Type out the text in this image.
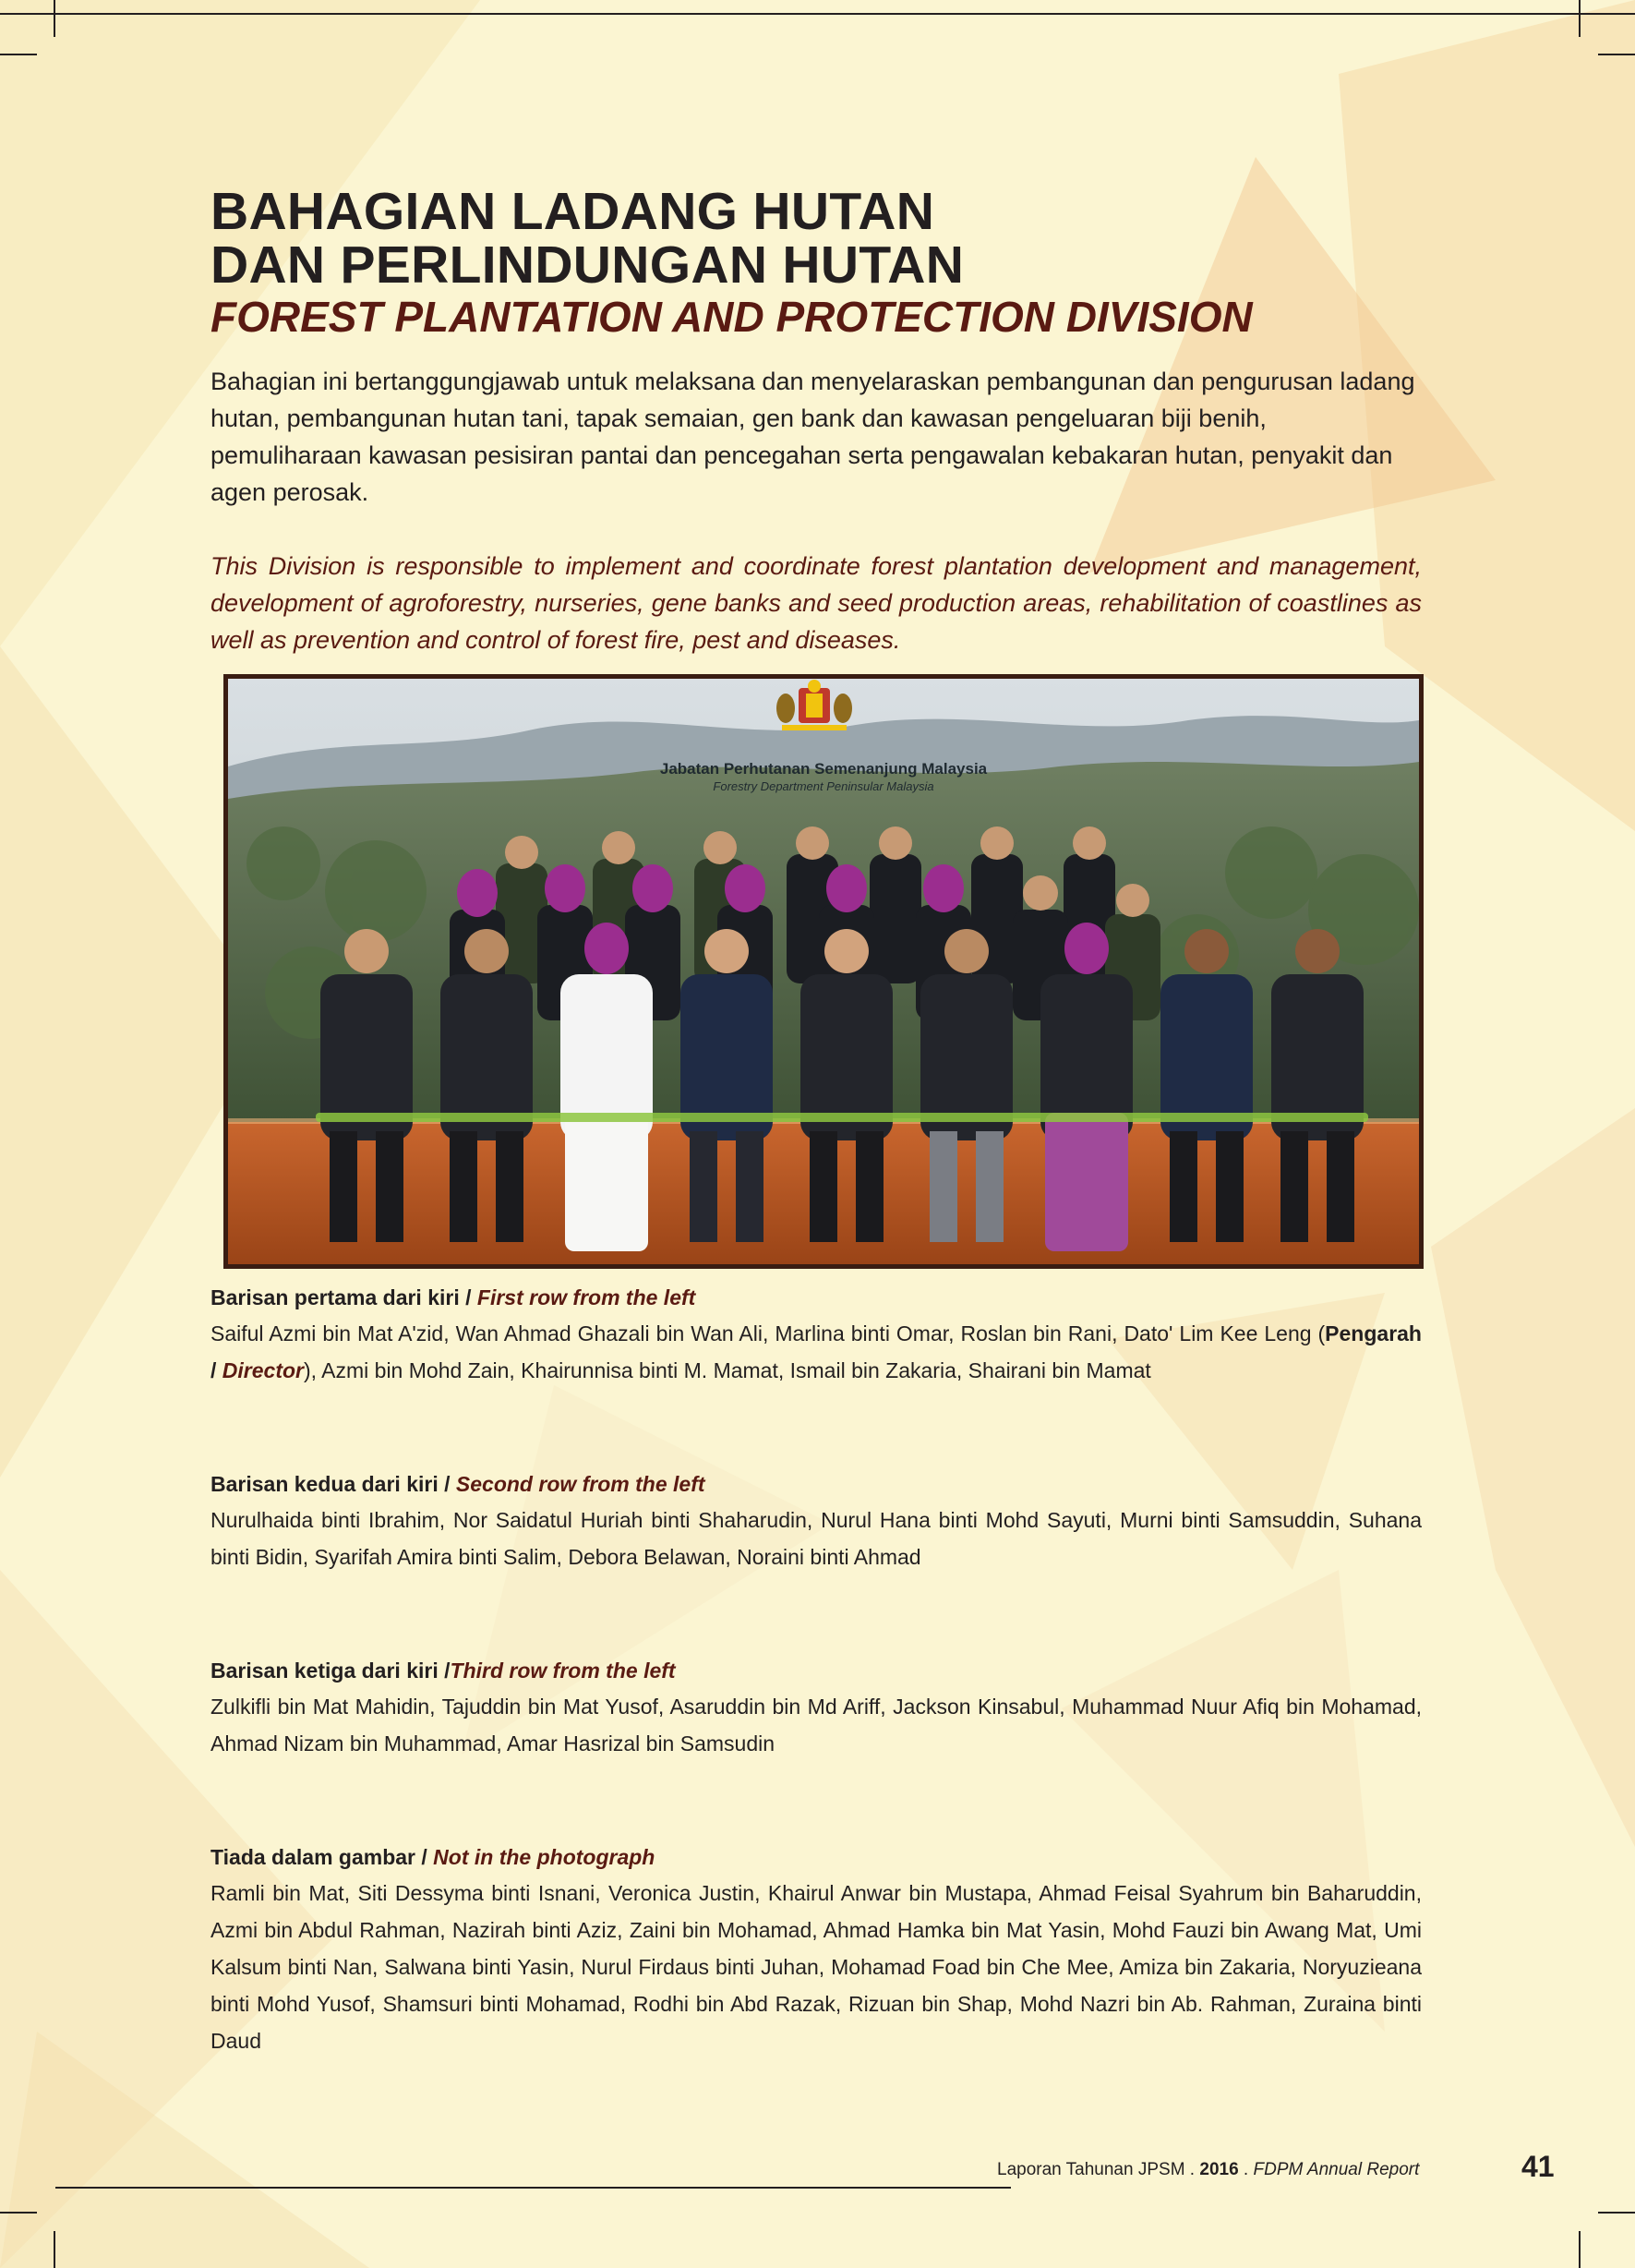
BAHAGIAN LADANG HUTAN
DAN PERLINDUNGAN HUTAN
FOREST PLANTATION AND PROTECTION DIVISION

Bahagian ini bertanggungjawab untuk melaksana dan menyelaraskan pembangunan dan pengurusan ladang hutan, pembangunan hutan tani, tapak semaian, gen bank dan kawasan pengeluaran biji benih, pemuliharaan kawasan pesisiran pantai dan pencegahan serta pengawalan kebakaran hutan, penyakit dan agen perosak.

This Division is responsible to implement and coordinate forest plantation development and management, development of agroforestry, nurseries, gene banks and seed production areas, rehabilitation of coastlines as well as prevention and control of forest fire, pest and diseases.

Jabatan Perhutanan Semenanjung Malaysia
Forestry Department Peninsular Malaysia

Barisan pertama dari kiri / First row from the left

Saiful Azmi bin Mat A'zid, Wan Ahmad Ghazali bin Wan Ali, Marlina binti Omar, Roslan bin Rani, Dato' Lim Kee Leng (Pengarah / Director), Azmi bin Mohd Zain, Khairunnisa binti M. Mamat, Ismail bin Zakaria, Shairani bin Mamat

Barisan kedua dari kiri / Second row from the left

Nurulhaida binti Ibrahim, Nor Saidatul Huriah binti Shaharudin, Nurul Hana binti Mohd Sayuti, Murni binti Samsuddin, Suhana binti Bidin, Syarifah Amira binti Salim, Debora Belawan, Noraini binti Ahmad

Barisan ketiga dari kiri /Third row from the left

Zulkifli bin Mat Mahidin, Tajuddin bin Mat Yusof, Asaruddin bin Md Ariff, Jackson Kinsabul, Muhammad Nuur Afiq bin Mohamad, Ahmad Nizam bin Muhammad, Amar Hasrizal bin Samsudin

Tiada dalam gambar / Not in the photograph

Ramli bin Mat, Siti Dessyma binti Isnani, Veronica Justin, Khairul Anwar bin Mustapa, Ahmad Feisal Syahrum bin Baharuddin, Azmi bin Abdul Rahman, Nazirah binti Aziz, Zaini bin Mohamad, Ahmad Hamka bin Mat Yasin, Mohd Fauzi bin Awang Mat, Umi Kalsum binti Nan, Salwana binti Yasin, Nurul Firdaus binti Juhan, Mohamad Foad bin Che Mee, Amiza bin Zakaria, Noryuzieana binti Mohd Yusof, Shamsuri binti Mohamad, Rodhi bin Abd Razak, Rizuan bin Shap, Mohd Nazri bin Ab. Rahman, Zuraina binti Daud

Laporan Tahunan JPSM . 2016 . FDPM Annual Report	41
